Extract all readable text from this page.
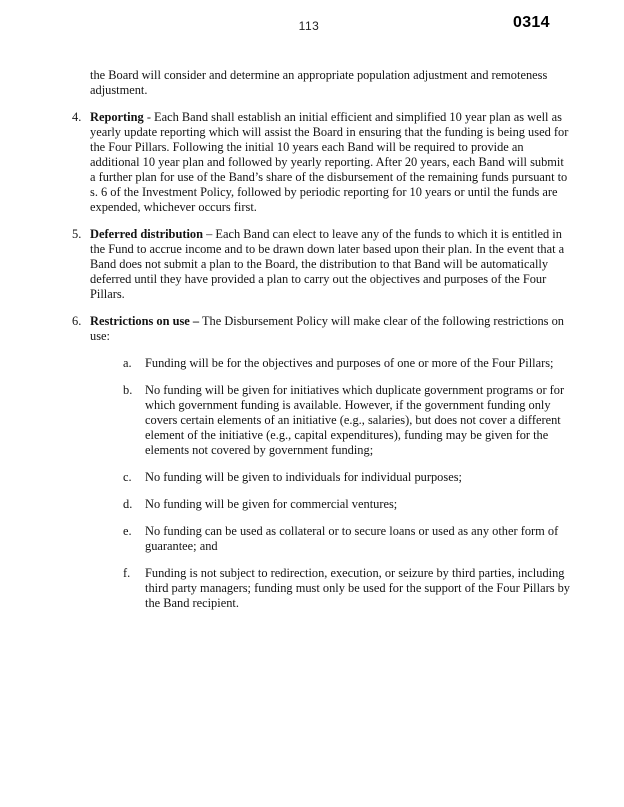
113	0314

the Board will consider and determine an appropriate population adjustment and remoteness adjustment.

4. Reporting - Each Band shall establish an initial efficient and simplified 10 year plan as well as yearly update reporting which will assist the Board in ensuring that the funding is being used for the Four Pillars. Following the initial 10 years each Band will be required to provide an additional 10 year plan and followed by yearly reporting. After 20 years, each Band will submit a further plan for use of the Band’s share of the disbursement of the remaining funds pursuant to s. 6 of the Investment Policy, followed by periodic reporting for 10 years or until the funds are expended, whichever occurs first.
5. Deferred distribution – Each Band can elect to leave any of the funds to which it is entitled in the Fund to accrue income and to be drawn down later based upon their plan. In the event that a Band does not submit a plan to the Board, the distribution to that Band will be automatically deferred until they have provided a plan to carry out the objectives and purposes of the Four Pillars.
6. Restrictions on use – The Disbursement Policy will make clear of the following restrictions on use:
a. Funding will be for the objectives and purposes of one or more of the Four Pillars;
b. No funding will be given for initiatives which duplicate government programs or for which government funding is available. However, if the government funding only covers certain elements of an initiative (e.g., salaries), but does not cover a different element of the initiative (e.g., capital expenditures), funding may be given for the elements not covered by government funding;
c. No funding will be given to individuals for individual purposes;
d. No funding will be given for commercial ventures;
e. No funding can be used as collateral or to secure loans or used as any other form of guarantee; and
f. Funding is not subject to redirection, execution, or seizure by third parties, including third party managers; funding must only be used for the support of the Four Pillars by the Band recipient.
